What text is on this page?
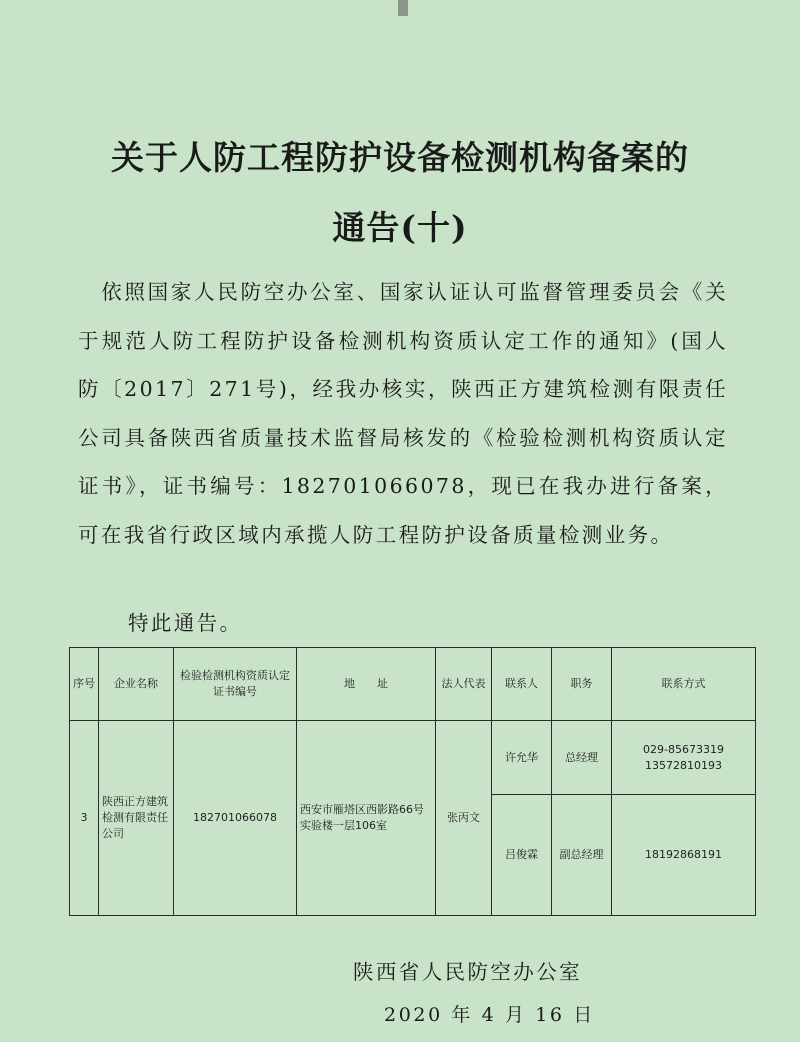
关于人防工程防护设备检测机构备案的
通告(十)
　依照国家人民防空办公室、国家认证认可监督管理委员会《关于规范人防工程防护设备检测机构资质认定工作的通知》(国人防〔2017〕271号)，经我办核实，陕西正方建筑检测有限责任公司具备陕西省质量技术监督局核发的《检验检测机构资质认定证书》，证书编号：182701066078，现已在我办进行备案，可在我省行政区域内承揽人防工程防护设备质量检测业务。
特此通告。
序号	企业名称	检验检测机构资质认定证书编号	地　　址	法人代表	联系人	职务	联系方式
3	陕西正方建筑检测有限责任公司	182701066078	西安市雁塔区西影路66号实验楼一层106室	张丙文	许允华	总经理	029-85673319
13572810193

					吕俊霖	副总经理	18192868191
陕西省人民防空办公室
2020 年 4 月 16 日
